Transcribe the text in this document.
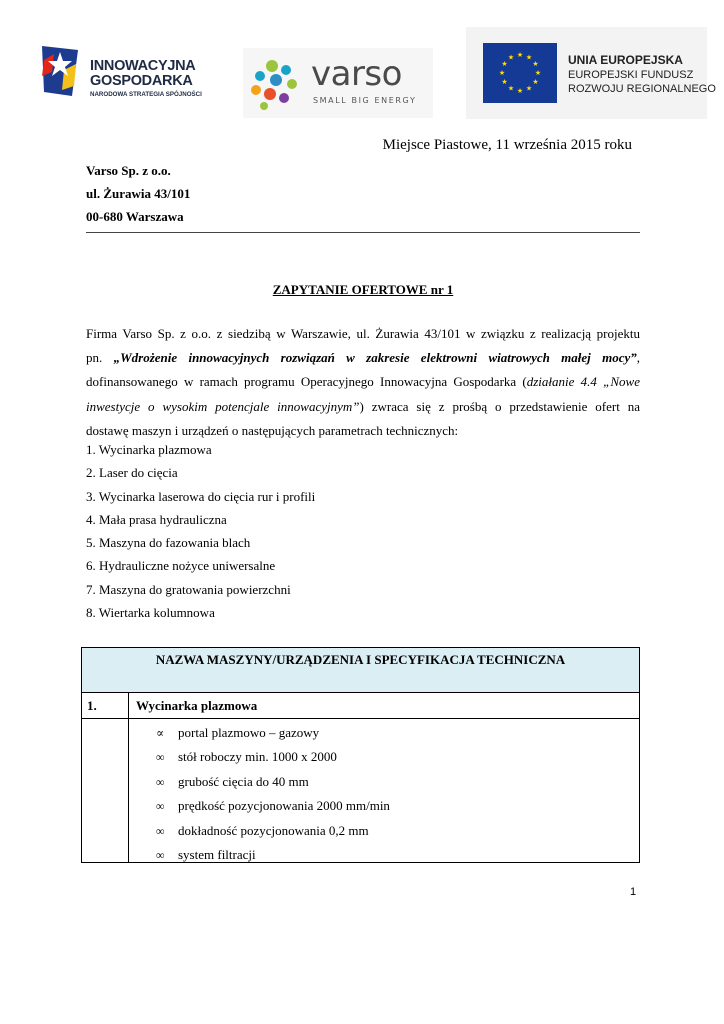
INNOWACYJNA
GOSPODARKA
NARODOWA STRATEGIA SPÓJNOŚCI
varso
SMALL BIG ENERGY
★ ★
★
★
★
★
★
★
★
★
★
★	UNIA EUROPEJSKA
EUROPEJSKI FUNDUSZ
ROZWOJU REGIONALNEGO
Miejsce Piastowe, 11 września 2015 roku
Varso Sp. z o.o.
ul. Żurawia 43/101
00-680 Warszawa
ZAPYTANIE OFERTOWE nr 1
Firma Varso Sp. z o.o. z siedzibą w Warszawie, ul. Żurawia 43/101 w związku z realizacją projektu
pn. „Wdrożenie innowacyjnych rozwiązań w zakresie elektrowni wiatrowych małej mocy”,
dofinansowanego w ramach programu Operacyjnego Innowacyjna Gospodarka (działanie 4.4 „Nowe
inwestycje o wysokim potencjale innowacyjnym”) zwraca się z prośbą o przedstawienie ofert na
dostawę maszyn i urządzeń o następujących parametrach technicznych:
1. Wycinarka plazmowa
2. Laser do cięcia
3. Wycinarka laserowa do cięcia rur i profili
4. Mała prasa hydrauliczna
5. Maszyna do fazowania blach
6. Hydrauliczne nożyce uniwersalne
7. Maszyna do gratowania powierzchni
8. Wiertarka kolumnowa
NAZWA MASZYNY/URZĄDZENIA I SPECYFIKACJA TECHNICZNA
1.	Wycinarka plazmowa
∝ portal plazmowo – gazowy
∞ stół roboczy min. 1000 x 2000
∞ grubość cięcia do 40 mm
∞ prędkość pozycjonowania 2000 mm/min
∞ dokładność pozycjonowania 0,2 mm
∞ system filtracji
1
